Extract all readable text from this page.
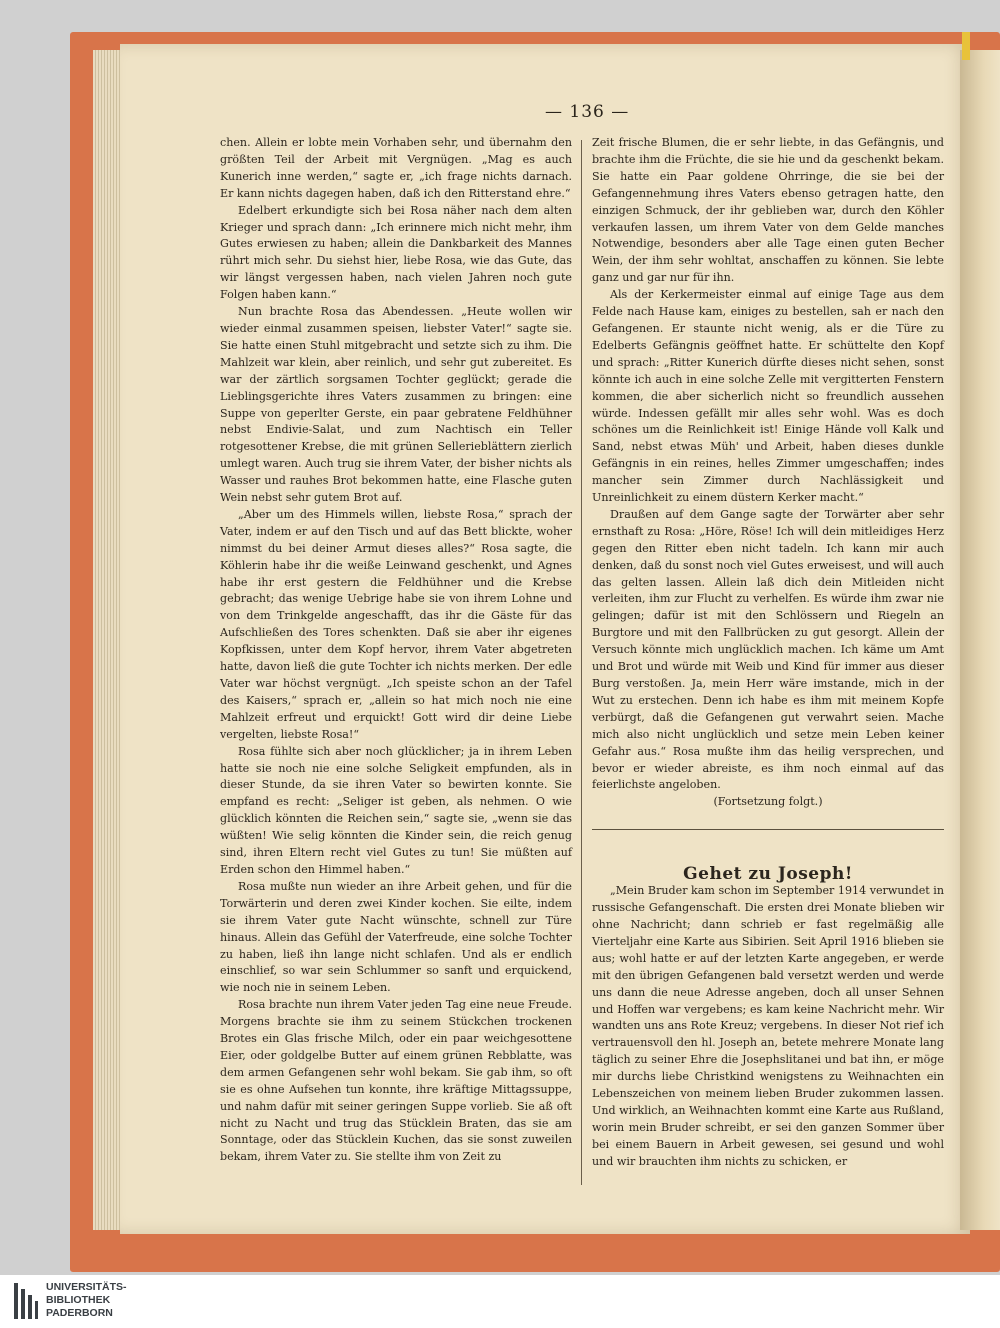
— 136 —

chen. Allein er lobte mein Vorhaben sehr, und übernahm den größten Teil der Arbeit mit Vergnügen. „Mag es auch Kunerich inne werden,“ sagte er, „ich frage nichts darnach. Er kann nichts dagegen haben, daß ich den Ritterstand ehre.“

Edelbert erkundigte sich bei Rosa näher nach dem alten Krieger und sprach dann: „Ich erinnere mich nicht mehr, ihm Gutes erwiesen zu haben; allein die Dankbarkeit des Mannes rührt mich sehr. Du siehst hier, liebe Rosa, wie das Gute, das wir längst vergessen haben, nach vielen Jahren noch gute Folgen haben kann.“

Nun brachte Rosa das Abendessen. „Heute wollen wir wieder einmal zusammen speisen, liebster Vater!“ sagte sie. Sie hatte einen Stuhl mitgebracht und setzte sich zu ihm. Die Mahlzeit war klein, aber reinlich, und sehr gut zubereitet. Es war der zärtlich sorgsamen Tochter geglückt; gerade die Lieblingsgerichte ihres Vaters zusammen zu bringen: eine Suppe von geperlter Gerste, ein paar gebratene Feldhühner nebst Endivie-Salat, und zum Nachtisch ein Teller rotgesottener Krebse, die mit grünen Sellerieblättern zierlich umlegt waren. Auch trug sie ihrem Vater, der bisher nichts als Wasser und rauhes Brot bekommen hatte, eine Flasche guten Wein nebst sehr gutem Brot auf.

„Aber um des Himmels willen, liebste Rosa,“ sprach der Vater, indem er auf den Tisch und auf das Bett blickte, woher nimmst du bei deiner Armut dieses alles?“ Rosa sagte, die Köhlerin habe ihr die weiße Leinwand geschenkt, und Agnes habe ihr erst gestern die Feldhühner und die Krebse gebracht; das wenige Uebrige habe sie von ihrem Lohne und von dem Trinkgelde angeschafft, das ihr die Gäste für das Aufschließen des Tores schenkten. Daß sie aber ihr eigenes Kopfkissen, unter dem Kopf hervor, ihrem Vater abgetreten hatte, davon ließ die gute Tochter ich nichts merken. Der edle Vater war höchst vergnügt. „Ich speiste schon an der Tafel des Kaisers,“ sprach er, „allein so hat mich noch nie eine Mahlzeit erfreut und erquickt! Gott wird dir deine Liebe vergelten, liebste Rosa!“

Rosa fühlte sich aber noch glücklicher; ja in ihrem Leben hatte sie noch nie eine solche Seligkeit empfunden, als in dieser Stunde, da sie ihren Vater so bewirten konnte. Sie empfand es recht: „Seliger ist geben, als nehmen. O wie glücklich könnten die Reichen sein,“ sagte sie, „wenn sie das wüßten! Wie selig könnten die Kinder sein, die reich genug sind, ihren Eltern recht viel Gutes zu tun! Sie müßten auf Erden schon den Himmel haben.“

Rosa mußte nun wieder an ihre Arbeit gehen, und für die Torwärterin und deren zwei Kinder kochen. Sie eilte, indem sie ihrem Vater gute Nacht wünschte, schnell zur Türe hinaus. Allein das Gefühl der Vaterfreude, eine solche Tochter zu haben, ließ ihn lange nicht schlafen. Und als er endlich einschlief, so war sein Schlummer so sanft und erquickend, wie noch nie in seinem Leben.

Rosa brachte nun ihrem Vater jeden Tag eine neue Freude. Morgens brachte sie ihm zu seinem Stückchen trockenen Brotes ein Glas frische Milch, oder ein paar weichgesottene Eier, oder goldgelbe Butter auf einem grünen Rebblatte, was dem armen Gefangenen sehr wohl bekam. Sie gab ihm, so oft sie es ohne Aufsehen tun konnte, ihre kräftige Mittagssuppe, und nahm dafür mit seiner geringen Suppe vorlieb. Sie aß oft nicht zu Nacht und trug das Stücklein Braten, das sie am Sonntage, oder das Stücklein Kuchen, das sie sonst zuweilen bekam, ihrem Vater zu. Sie stellte ihm von Zeit zu

Zeit frische Blumen, die er sehr liebte, in das Gefängnis, und brachte ihm die Früchte, die sie hie und da geschenkt bekam. Sie hatte ein Paar goldene Ohrringe, die sie bei der Gefangennehmung ihres Vaters ebenso getragen hatte, den einzigen Schmuck, der ihr geblieben war, durch den Köhler verkaufen lassen, um ihrem Vater von dem Gelde manches Notwendige, besonders aber alle Tage einen guten Becher Wein, der ihm sehr wohltat, anschaffen zu können. Sie lebte ganz und gar nur für ihn.

Als der Kerkermeister einmal auf einige Tage aus dem Felde nach Hause kam, einiges zu bestellen, sah er nach den Gefangenen. Er staunte nicht wenig, als er die Türe zu Edelberts Gefängnis geöffnet hatte. Er schüttelte den Kopf und sprach: „Ritter Kunerich dürfte dieses nicht sehen, sonst könnte ich auch in eine solche Zelle mit vergitterten Fenstern kommen, die aber sicherlich nicht so freundlich aussehen würde. Indessen gefällt mir alles sehr wohl. Was es doch schönes um die Reinlichkeit ist! Einige Hände voll Kalk und Sand, nebst etwas Müh' und Arbeit, haben dieses dunkle Gefängnis in ein reines, helles Zimmer umgeschaffen; indes mancher sein Zimmer durch Nachlässigkeit und Unreinlichkeit zu einem düstern Kerker macht.“

Draußen auf dem Gange sagte der Torwärter aber sehr ernsthaft zu Rosa: „Höre, Röse! Ich will dein mitleidiges Herz gegen den Ritter eben nicht tadeln. Ich kann mir auch denken, daß du sonst noch viel Gutes erweisest, und will auch das gelten lassen. Allein laß dich dein Mitleiden nicht verleiten, ihm zur Flucht zu verhelfen. Es würde ihm zwar nie gelingen; dafür ist mit den Schlössern und Riegeln an Burgtore und mit den Fallbrücken zu gut gesorgt. Allein der Versuch könnte mich unglücklich machen. Ich käme um Amt und Brot und würde mit Weib und Kind für immer aus dieser Burg verstoßen. Ja, mein Herr wäre imstande, mich in der Wut zu erstechen. Denn ich habe es ihm mit meinem Kopfe verbürgt, daß die Gefangenen gut verwahrt seien. Mache mich also nicht unglücklich und setze mein Leben keiner Gefahr aus.“ Rosa mußte ihm das heilig versprechen, und bevor er wieder abreiste, es ihm noch einmal auf das feierlichste angeloben.

(Fortsetzung folgt.)

Gehet zu Joseph!

„Mein Bruder kam schon im September 1914 verwundet in russische Gefangenschaft. Die ersten drei Monate blieben wir ohne Nachricht; dann schrieb er fast regelmäßig alle Vierteljahr eine Karte aus Sibirien. Seit April 1916 blieben sie aus; wohl hatte er auf der letzten Karte angegeben, er werde mit den übrigen Gefangenen bald versetzt werden und werde uns dann die neue Adresse angeben, doch all unser Sehnen und Hoffen war vergebens; es kam keine Nachricht mehr. Wir wandten uns ans Rote Kreuz; vergebens. In dieser Not rief ich vertrauensvoll den hl. Joseph an, betete mehrere Monate lang täglich zu seiner Ehre die Josephslitanei und bat ihn, er möge mir durchs liebe Christkind wenigstens zu Weihnachten ein Lebenszeichen von meinem lieben Bruder zukommen lassen. Und wirklich, an Weihnachten kommt eine Karte aus Rußland, worin mein Bruder schreibt, er sei den ganzen Sommer über bei einem Bauern in Arbeit gewesen, sei gesund und wohl und wir brauchten ihm nichts zu schicken, er

UNIVERSITÄTS-
BIBLIOTHEK
PADERBORN
